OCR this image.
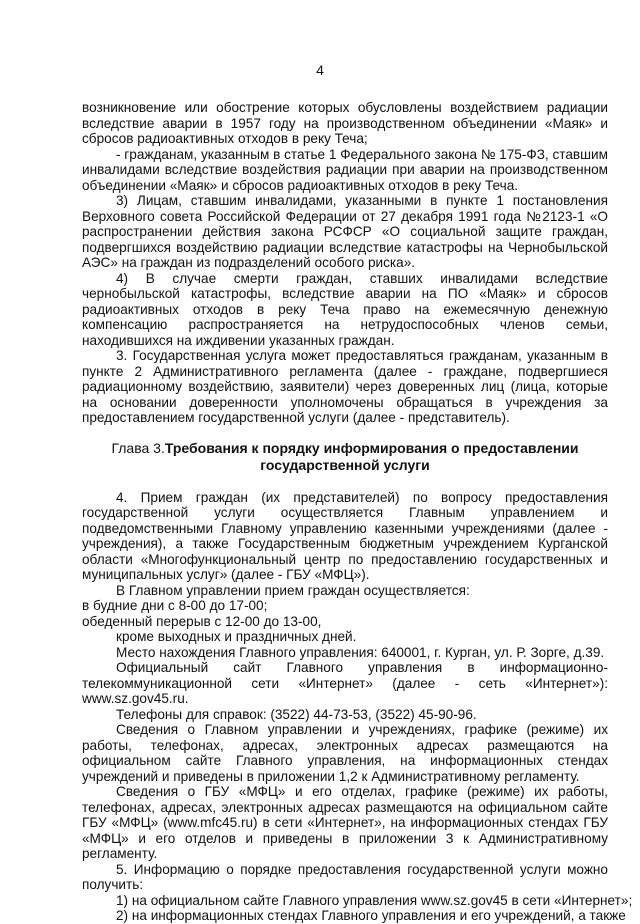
4

возникновение или обострение которых обусловлены воздействием радиации вследствие аварии в 1957 году на производственном объединении «Маяк» и сбросов радиоактивных отходов в реку Теча;

- гражданам, указанным в статье 1 Федерального закона № 175-ФЗ, ставшим инвалидами вследствие воздействия радиации при аварии на производственном объединении «Маяк» и сбросов радиоактивных отходов в реку Теча.

3) Лицам, ставшим инвалидами, указанными в пункте 1 постановления Верховного совета Российской Федерации от 27 декабря 1991 года №2123-1 «О распространении действия закона РСФСР «О социальной защите граждан, подвергшихся воздействию радиации вследствие катастрофы на Чернобыльской АЭС» на граждан из подразделений особого риска».

4) В случае смерти граждан, ставших инвалидами вследствие чернобыльской катастрофы, вследствие аварии на ПО «Маяк» и сбросов радиоактивных отходов в реку Теча право на ежемесячную денежную компенсацию распространяется на нетрудоспособных членов семьи, находившихся на иждивении указанных граждан.

3. Государственная услуга может предоставляться гражданам, указанным в пункте 2 Административного регламента (далее - граждане, подвергшиеся радиационному воздействию, заявители) через доверенных лиц (лица, которые на основании доверенности уполномочены обращаться в учреждения за предоставлением государственной услуги (далее - представитель).

Глава 3.Требования к порядку информирования о предоставлении государственной услуги

4. Прием граждан (их представителей) по вопросу предоставления государственной услуги осуществляется Главным управлением и подведомственными Главному управлению казенными учреждениями (далее - учреждения), а также Государственным бюджетным учреждением Курганской области «Многофункциональный центр по предоставлению государственных и муниципальных услуг» (далее - ГБУ «МФЦ»).

В Главном управлении прием граждан осуществляется:

в будние дни с 8-00 до 17-00;

обеденный перерыв с 12-00 до 13-00,

кроме выходных и праздничных дней.

Место нахождения Главного управления: 640001, г. Курган, ул. Р. Зорге, д.39.

Официальный сайт Главного управления в информационно-телекоммуникационной сети «Интернет» (далее - сеть «Интернет»): www.sz.gov45.ru.

Телефоны для справок: (3522) 44-73-53, (3522) 45-90-96.

Сведения о Главном управлении и учреждениях, графике (режиме) их работы, телефонах, адресах, электронных адресах размещаются на официальном сайте Главного управления, на информационных стендах учреждений и приведены в приложении 1,2 к Административному регламенту.

Сведения о ГБУ «МФЦ» и его отделах, графике (режиме) их работы, телефонах, адресах, электронных адресах размещаются на официальном сайте ГБУ «МФЦ» (www.mfc45.ru) в сети «Интернет», на информационных стендах ГБУ «МФЦ» и его отделов и приведены в приложении 3 к Административному регламенту.

5. Информацию о порядке предоставления государственной услуги можно получить:

1) на официальном сайте Главного управления www.sz.gov45 в сети «Интернет»;

2) на информационных стендах Главного управления и его учреждений, а также
